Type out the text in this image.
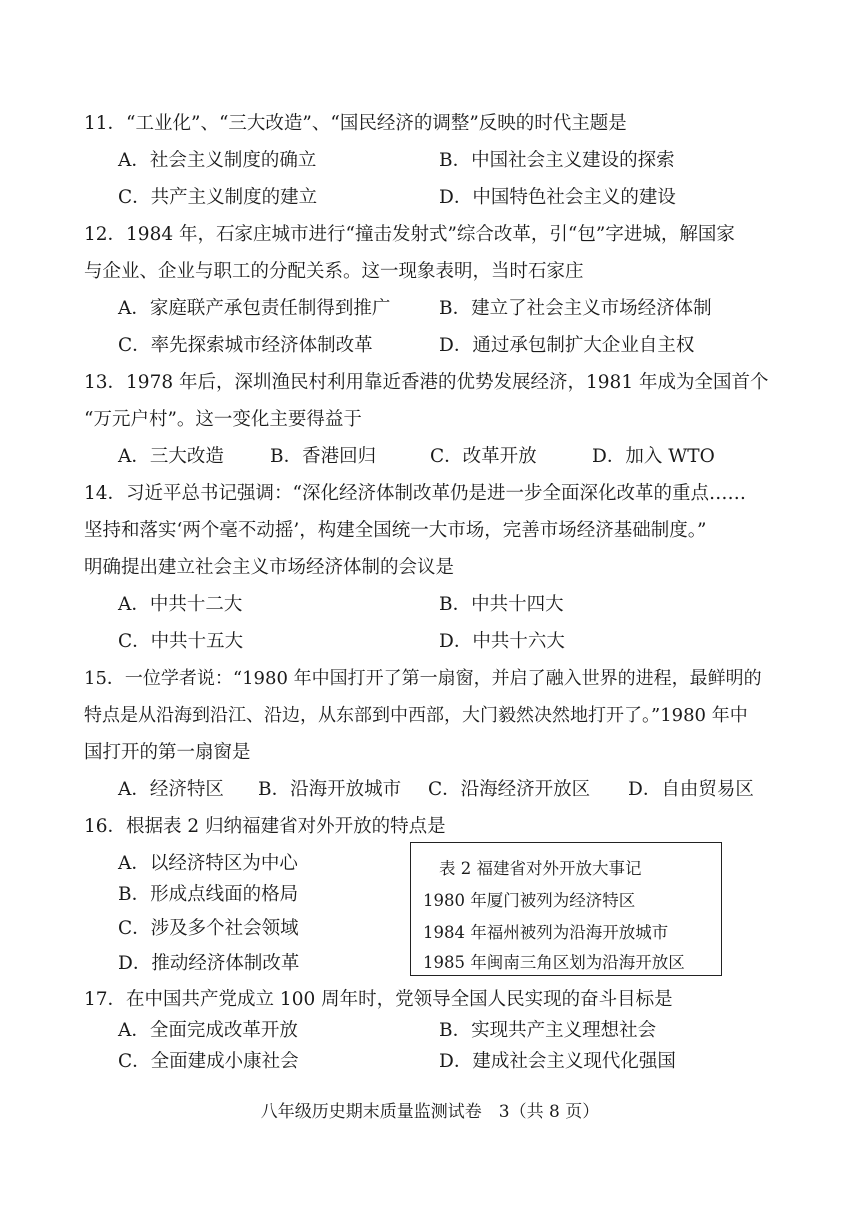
11．“工业化”、“三大改造”、“国民经济的调整”反映的时代主题是
A．社会主义制度的确立	B．中国社会主义建设的探索
C．共产主义制度的建立	D．中国特色社会主义的建设
12．1984 年，石家庄城市进行“撞击发射式”综合改革，引“包”字进城，解国家
与企业、企业与职工的分配关系。这一现象表明，当时石家庄
A．家庭联产承包责任制得到推广	B．建立了社会主义市场经济体制
C．率先探索城市经济体制改革	D．通过承包制扩大企业自主权
13．1978 年后，深圳渔民村利用靠近香港的优势发展经济，1981 年成为全国首个
“万元户村”。这一变化主要得益于
A．三大改造 B．香港回归	C．改革开放	D．加入 WTO
14．习近平总书记强调：“深化经济体制改革仍是进一步全面深化改革的重点……
坚持和落实‘两个毫不动摇’，构建全国统一大市场，完善市场经济基础制度。”
明确提出建立社会主义市场经济体制的会议是
A．中共十二大	B．中共十四大
C．中共十五大	D．中共十六大
15．一位学者说：“1980 年中国打开了第一扇窗，并启了融入世界的进程，最鲜明的
特点是从沿海到沿江、沿边，从东部到中西部，大门毅然决然地打开了。”1980 年中
国打开的第一扇窗是
A．经济特区 B．沿海开放城市 C．沿海经济开放区 D．自由贸易区
16．根据表 2 归纳福建省对外开放的特点是
A．以经济特区为中心
B．形成点线面的格局
C．涉及多个社会领域
D．推动经济体制改革
表 2 福建省对外开放大事记
1980 年厦门被列为经济特区
1984 年福州被列为沿海开放城市
1985 年闽南三角区划为沿海开放区
17．在中国共产党成立 100 周年时，党领导全国人民实现的奋斗目标是
A．全面完成改革开放	B．实现共产主义理想社会
C．全面建成小康社会	D．建成社会主义现代化强国
八年级历史期末质量监测试卷　3（共 8 页）
